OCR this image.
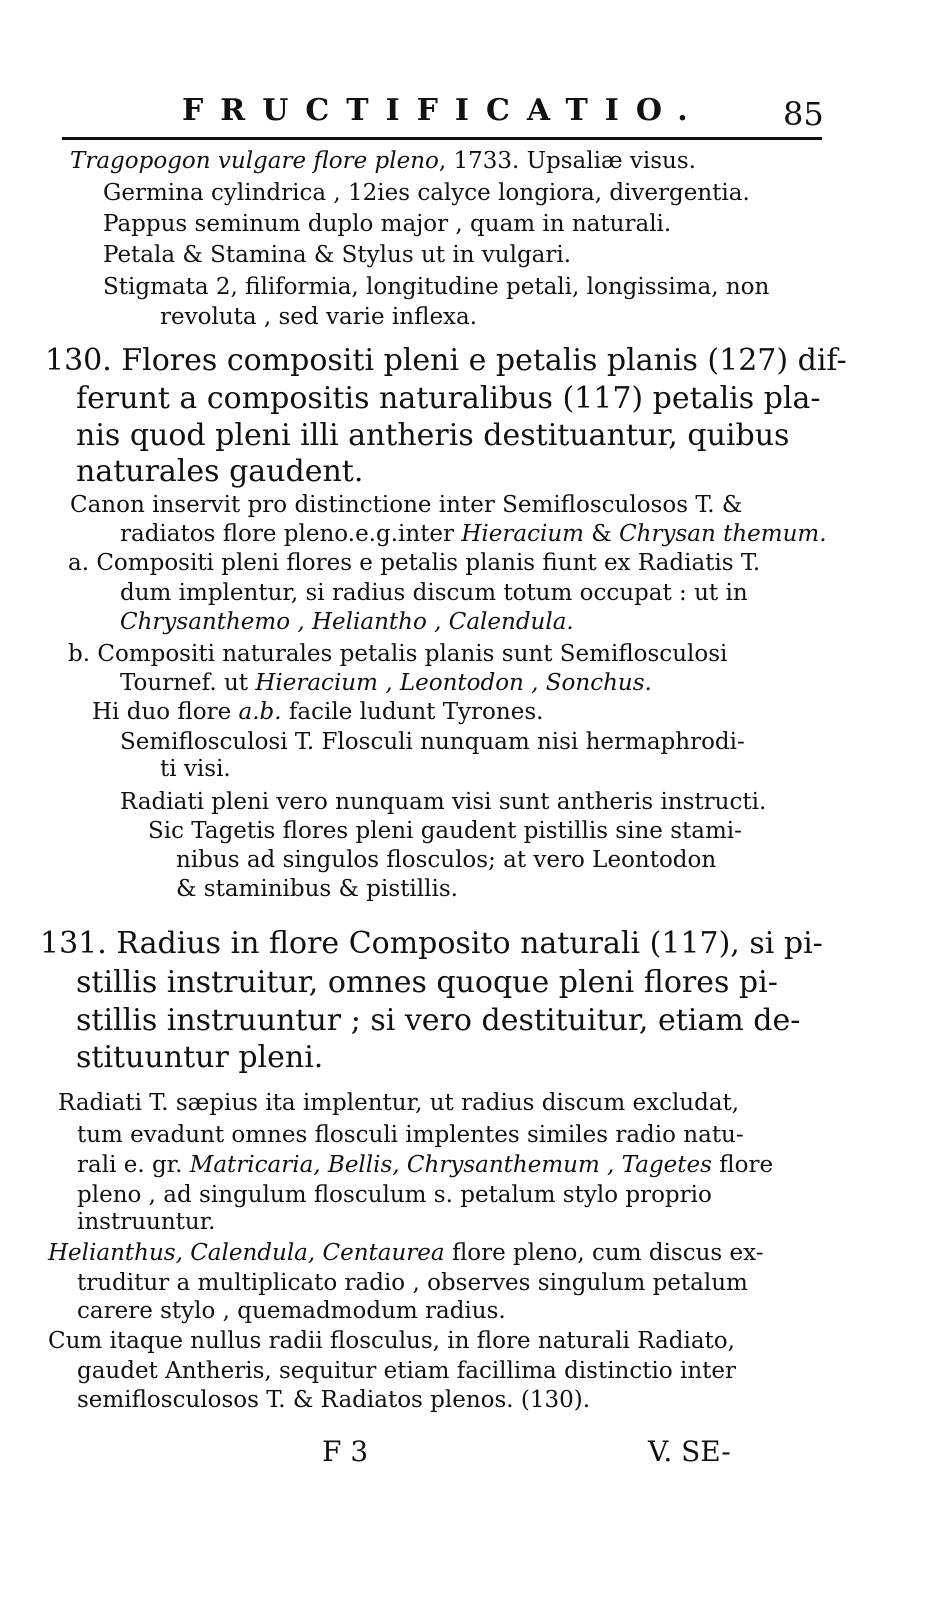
FRUCTIFICATIO. 85
Tragopogon vulgare flore pleno, 1733. Upsaliæ visus.
Germina cylindrica , 12ies calyce longiora, divergentia.
Pappus seminum duplo major , quam in naturali.
Petala & Stamina & Stylus ut in vulgari.
Stigmata 2, filiformia, longitudine petali, longissima, non
revoluta , sed varie inflexa.
130. Flores compositi pleni e petalis planis (127) dif-
ferunt a compositis naturalibus (117) petalis pla-
nis quod pleni illi antheris destituantur, quibus
naturales gaudent.
Canon inservit pro distinctione inter Semiflosculosos T. &
radiatos flore pleno.e.g.inter Hieracium & Chrysan themum.
a. Compositi pleni flores e petalis planis fiunt ex Radiatis T.
dum implentur, si radius discum totum occupat : ut in
Chrysanthemo , Heliantho , Calendula.
b. Compositi naturales petalis planis sunt Semiflosculosi
Tournef. ut Hieracium , Leontodon , Sonchus.
Hi duo flore a.b. facile ludunt Tyrones.
Semiflosculosi T. Flosculi nunquam nisi hermaphrodi-
ti visi.
Radiati pleni vero nunquam visi sunt antheris instructi.
Sic Tagetis flores pleni gaudent pistillis sine stami-
nibus ad singulos flosculos; at vero Leontodon
& staminibus & pistillis.
131. Radius in flore Composito naturali (117), si pi-
stillis instruitur, omnes quoque pleni flores pi-
stillis instruuntur ; si vero destituitur, etiam de-
stituuntur pleni.
Radiati T. sæpius ita implentur, ut radius discum excludat,
tum evadunt omnes flosculi implentes similes radio natu-
rali e. gr. Matricaria, Bellis, Chrysanthemum , Tagetes flore
pleno , ad singulum flosculum s. petalum stylo proprio
instruuntur.
Helianthus, Calendula, Centaurea flore pleno, cum discus ex-
truditur a multiplicato radio , observes singulum petalum
carere stylo , quemadmodum radius.
Cum itaque nullus radii flosculus, in flore naturali Radiato,
gaudet Antheris, sequitur etiam facillima distinctio inter
semiflosculosos T. & Radiatos plenos. (130).
F 3	V. SE-
